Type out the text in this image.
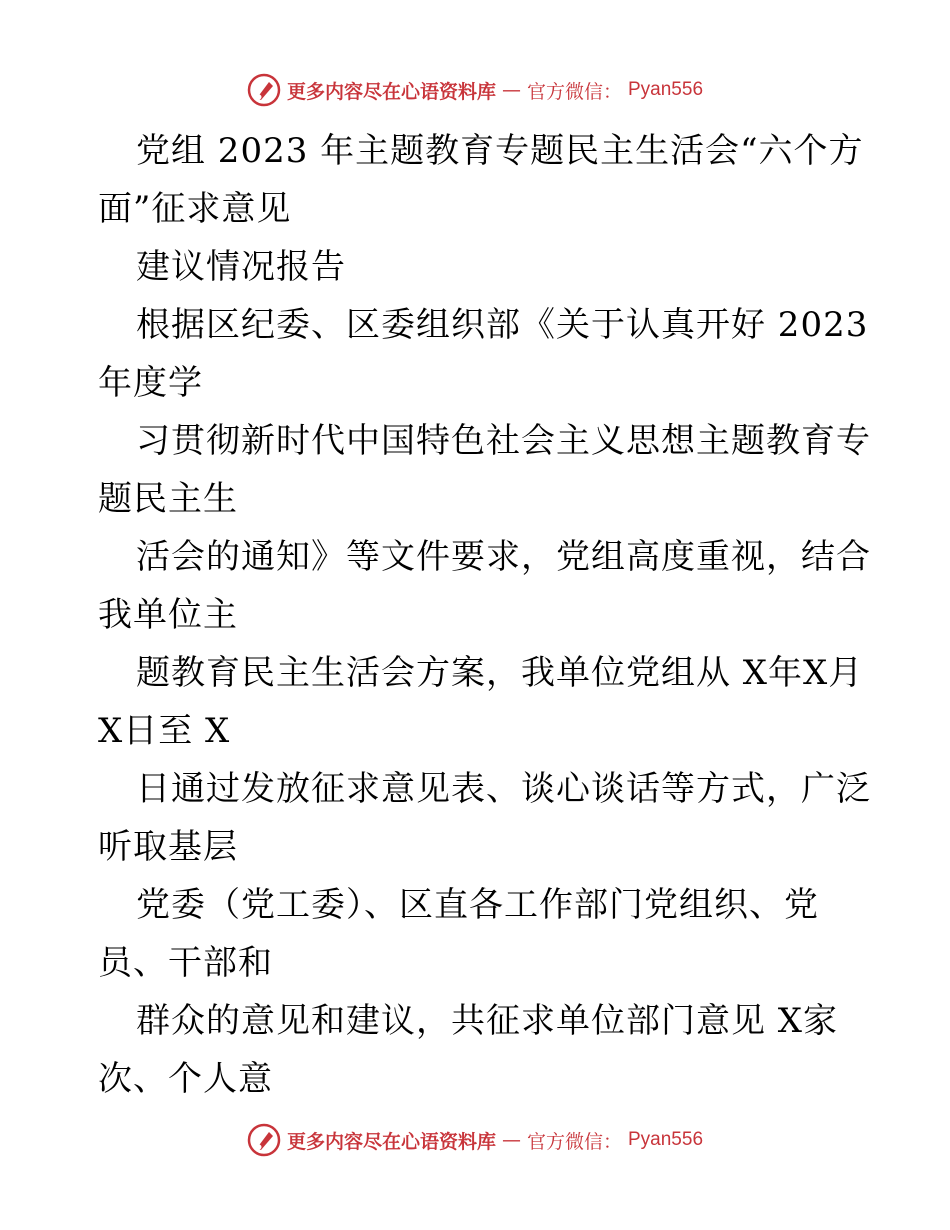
更多内容尽在心语资料库 — 官方微信： Pyan556
党组 2023 年主题教育专题民主生活会“六个方
面”征求意见
建议情况报告
根据区纪委、区委组织部《关于认真开好 2023
年度学
习贯彻新时代中国特色社会主义思想主题教育专
题民主生
活会的通知》等文件要求，党组高度重视，结合
我单位主
题教育民主生活会方案，我单位党组从 X年X月
X日至 X
日通过发放征求意见表、谈心谈话等方式，广泛
听取基层
党委（党工委）、区直各工作部门党组织、党
员、干部和
群众的意见和建议，共征求单位部门意见 X家
次、个人意
更多内容尽在心语资料库 — 官方微信： Pyan556
